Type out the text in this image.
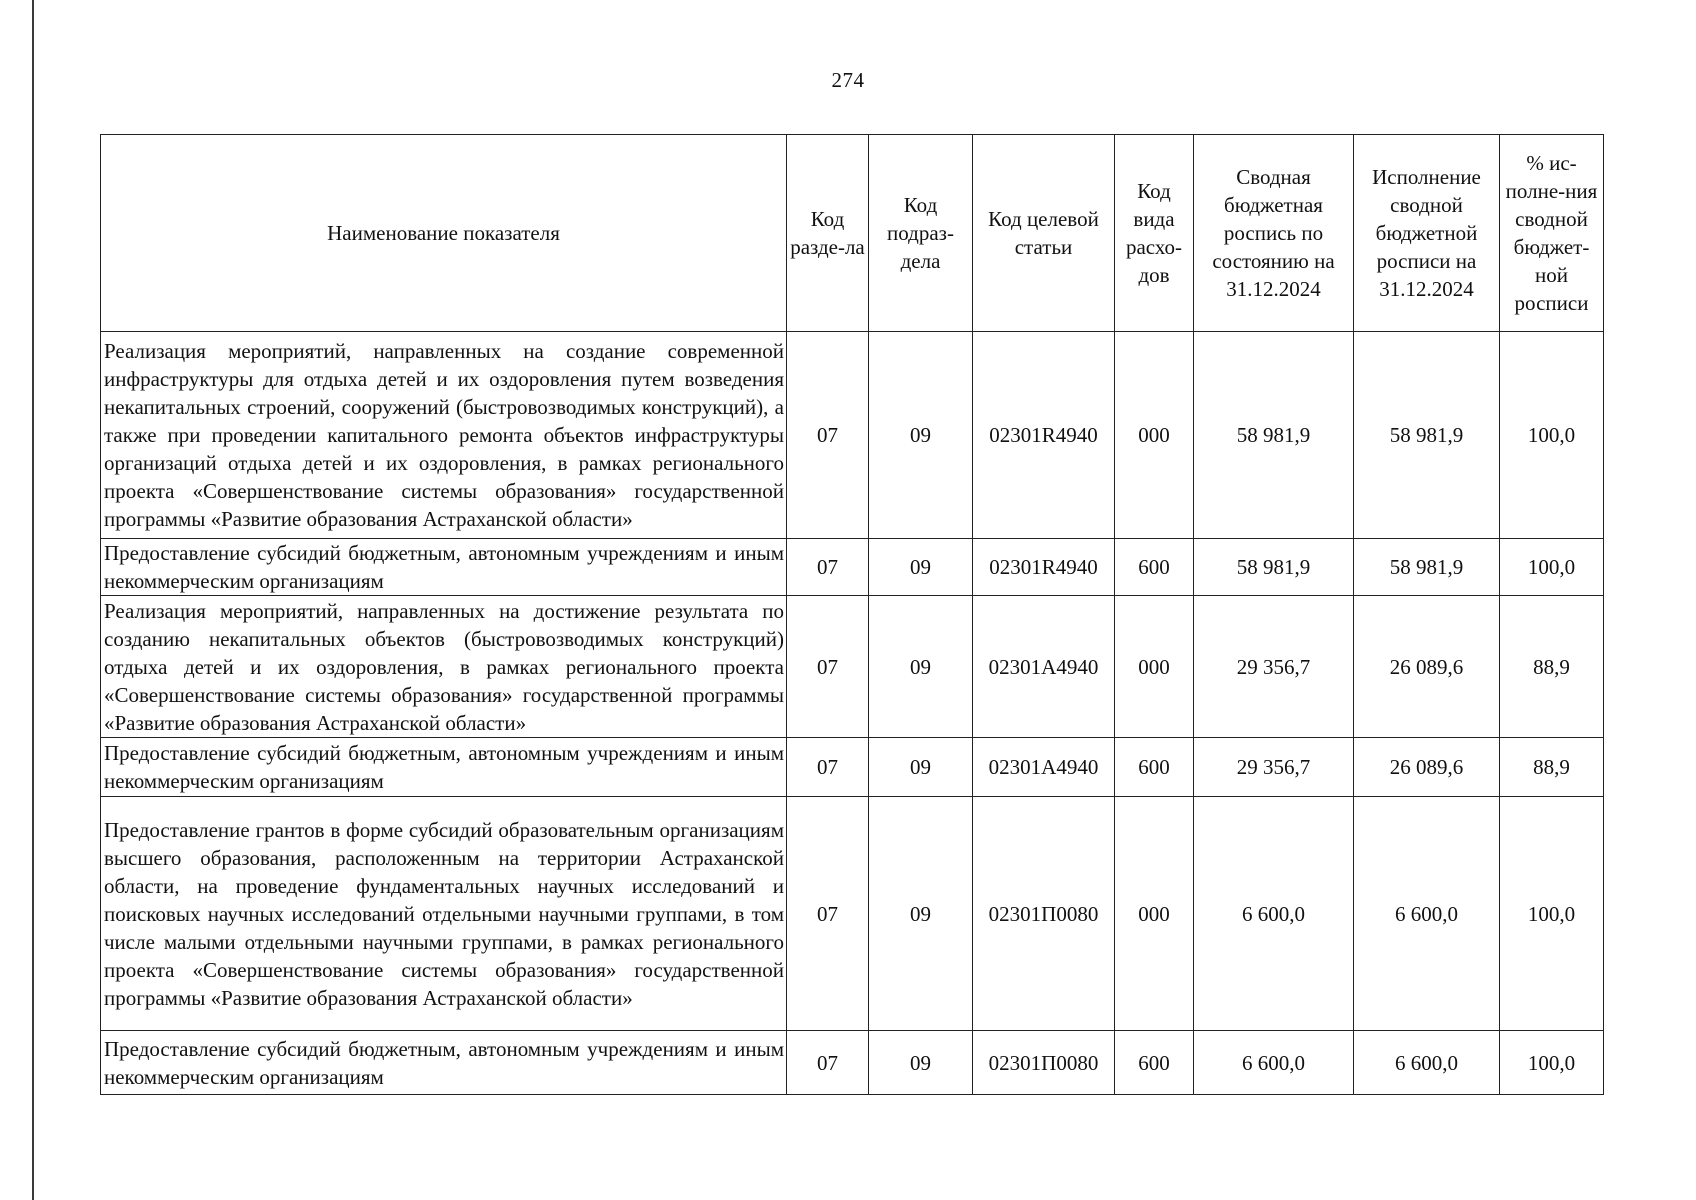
274
Наименование показателя	Код разде-ла	Код подраз-дела	Код целевой статьи	Код вида расхо-дов	Сводная бюджетная роспись по состоянию на 31.12.2024	Исполнение сводной бюджетной росписи на 31.12.2024	% ис-полне-ния сводной бюджет-ной росписи
Реализация мероприятий, направленных на создание современной инфраструктуры для отдыха детей и их оздоровления путем возведения некапитальных строений, сооружений (быстровозводимых конструкций), а также при проведении капитального ремонта объектов инфраструктуры организаций отдыха детей и их оздоровления, в рамках регионального проекта «Совершенствование системы образования» государственной программы «Развитие образования Астраханской области»	07	09	02301R4940	000	58 981,9	58 981,9	100,0
Предоставление субсидий бюджетным, автономным учреждениям и иным некоммерческим организациям	07	09	02301R4940	600	58 981,9	58 981,9	100,0
Реализация мероприятий, направленных на достижение результата по созданию некапитальных объектов (быстровозводимых конструкций) отдыха детей и их оздоровления, в рамках регионального проекта «Совершенствование системы образования» государственной программы «Развитие образования Астраханской области»	07	09	02301A4940	000	29 356,7	26 089,6	88,9
Предоставление субсидий бюджетным, автономным учреждениям и иным некоммерческим организациям	07	09	02301A4940	600	29 356,7	26 089,6	88,9
Предоставление грантов в форме субсидий образовательным организациям высшего образования, расположенным на территории Астраханской области, на проведение фундаментальных научных исследований и поисковых научных исследований отдельными научными группами, в том числе малыми отдельными научными группами, в рамках регионального проекта «Совершенствование системы образования» государственной программы «Развитие образования Астраханской области»	07	09	02301П0080	000	6 600,0	6 600,0	100,0
Предоставление субсидий бюджетным, автономным учреждениям и иным некоммерческим организациям	07	09	02301П0080	600	6 600,0	6 600,0	100,0
